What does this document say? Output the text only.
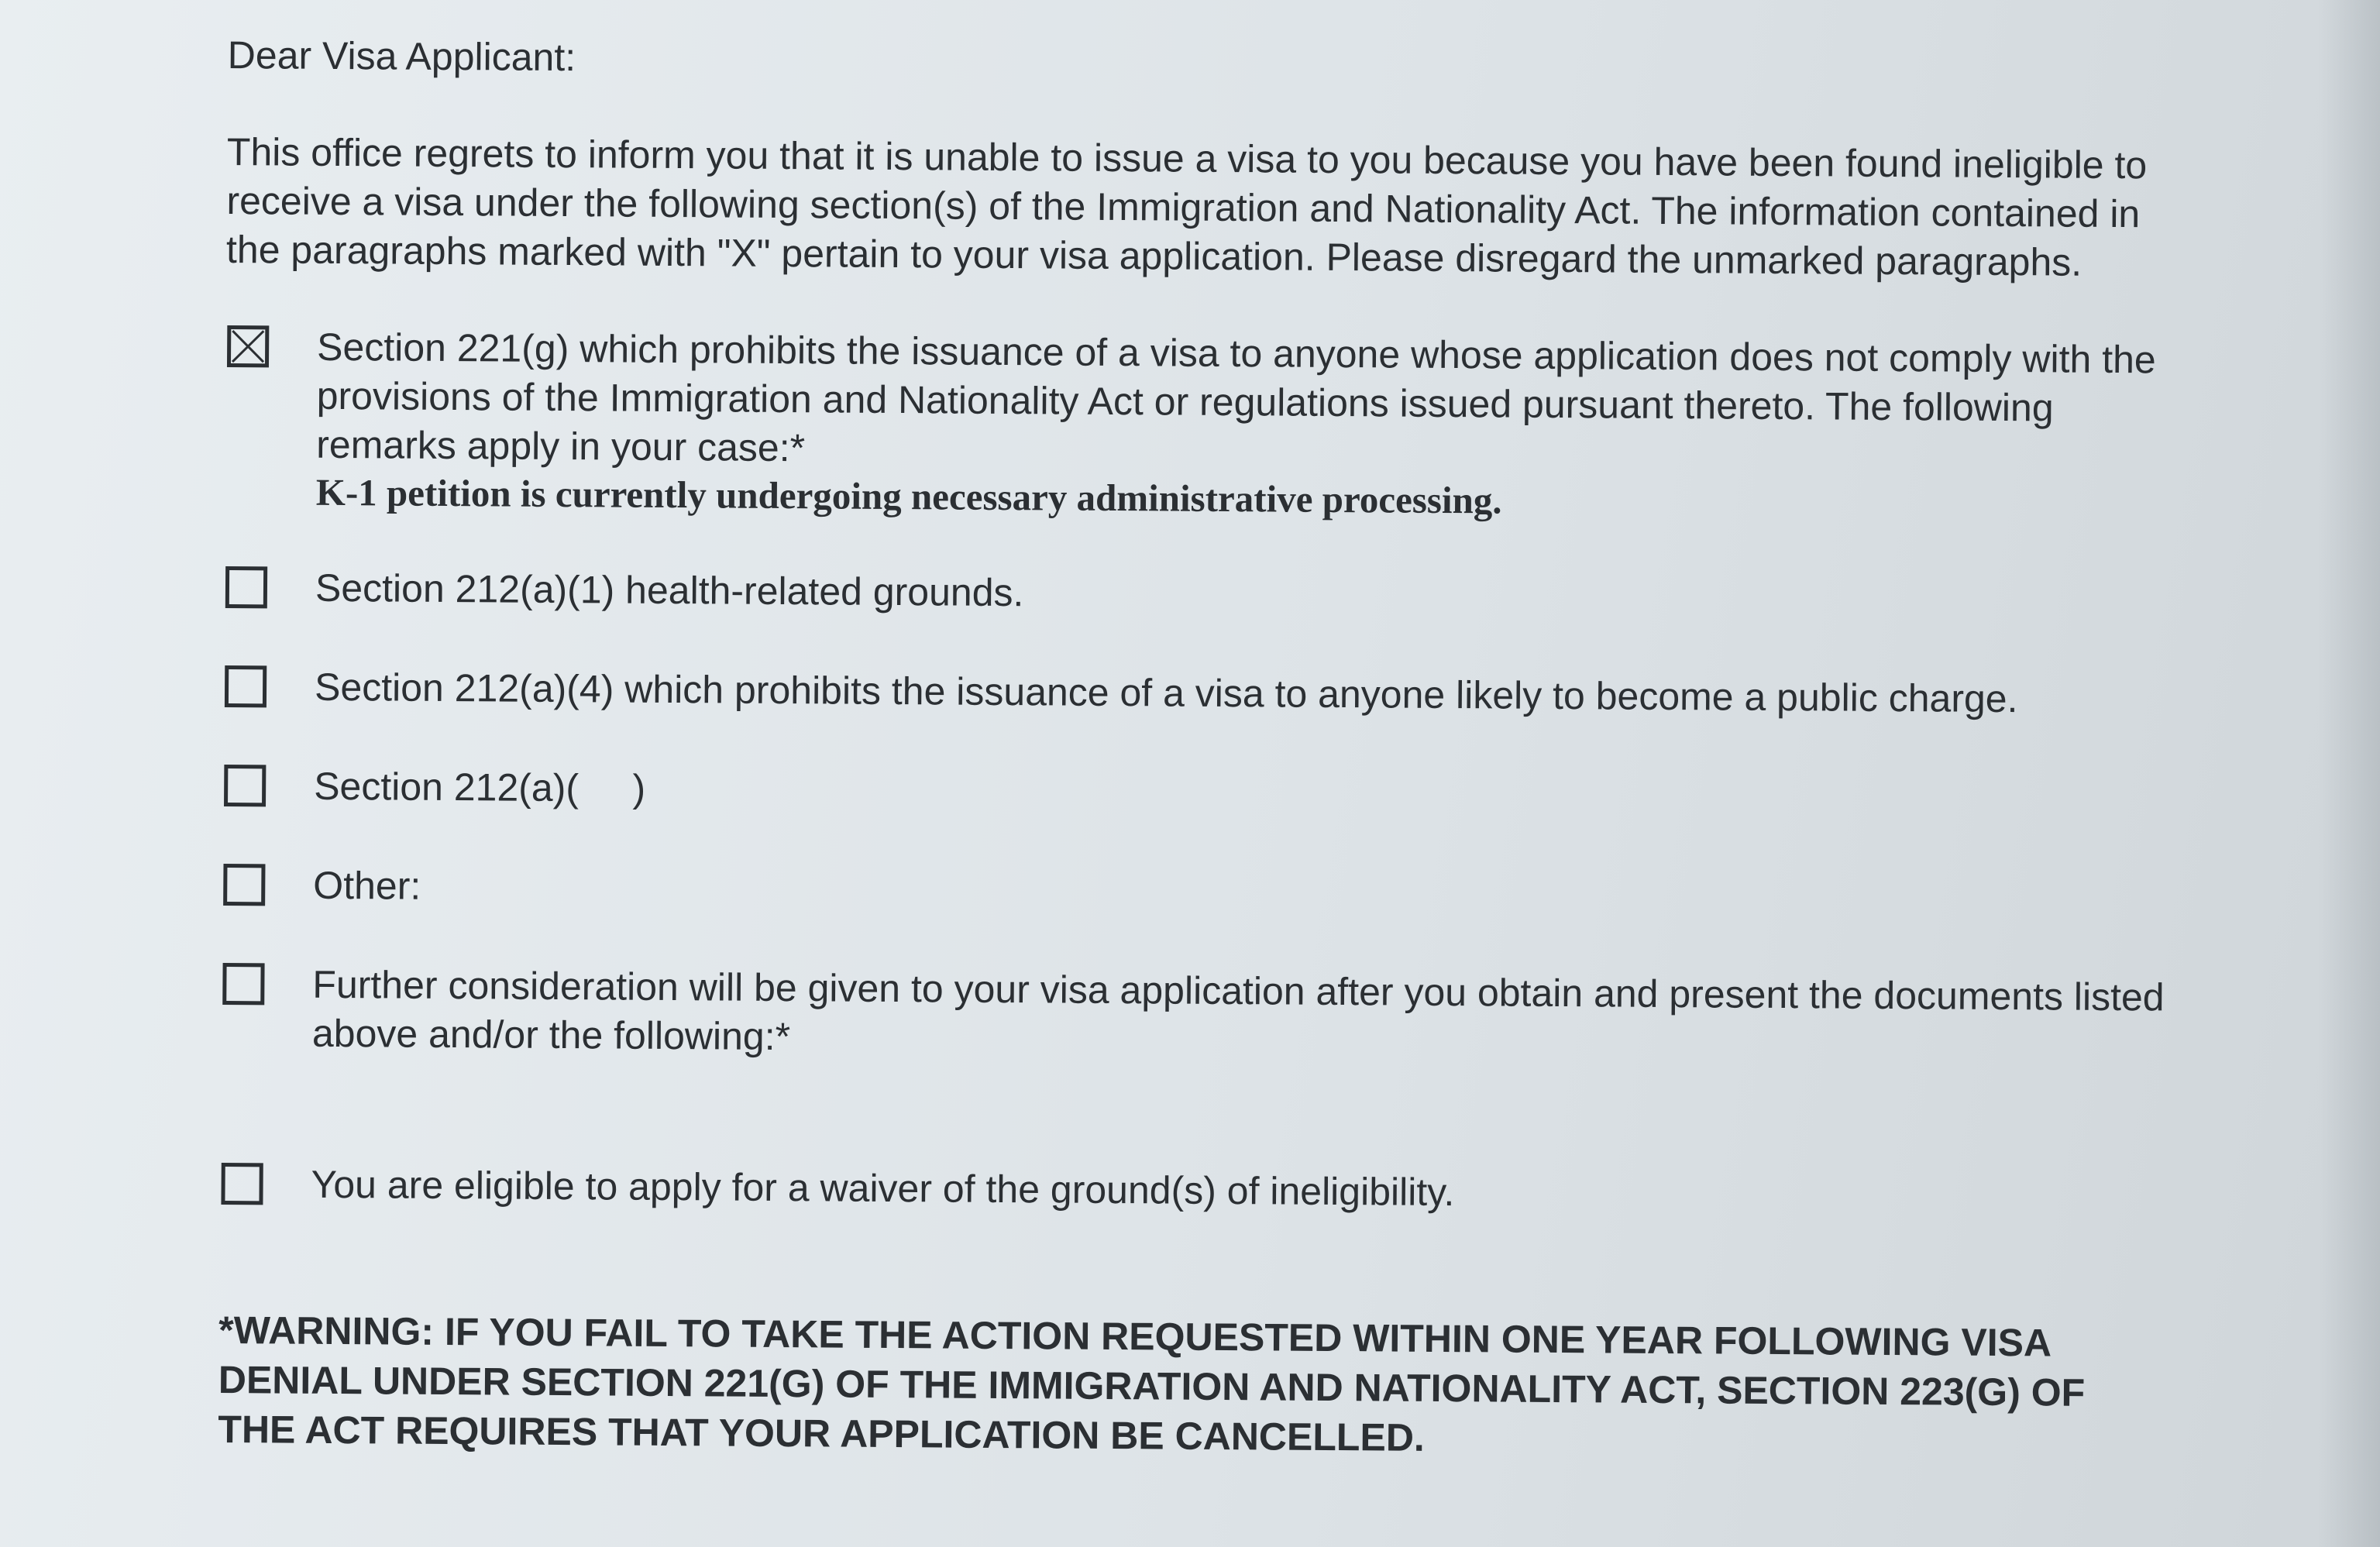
Dear Visa Applicant:
This office regrets to inform you that it is unable to issue a visa to you because you have been found ineligible to receive a visa under the following section(s) of the Immigration and Nationality Act. The information contained in the paragraphs marked with "X" pertain to your visa application. Please disregard the unmarked paragraphs.
Section 221(g) which prohibits the issuance of a visa to anyone whose application does not comply with the provisions of the Immigration and Nationality Act or regulations issued pursuant thereto. The following remarks apply in your case:*
K-1 petition is currently undergoing necessary administrative processing.
Section 212(a)(1) health-related grounds.
Section 212(a)(4) which prohibits the issuance of a visa to anyone likely to become a public charge.
Section 212(a)(     )
Other:
Further consideration will be given to your visa application after you obtain and present the documents listed above and/or the following:*
You are eligible to apply for a waiver of the ground(s) of ineligibility.
*WARNING: IF YOU FAIL TO TAKE THE ACTION REQUESTED WITHIN ONE YEAR FOLLOWING VISA DENIAL UNDER SECTION 221(G) OF THE IMMIGRATION AND NATIONALITY ACT, SECTION 223(G) OF THE ACT REQUIRES THAT YOUR APPLICATION BE CANCELLED.
